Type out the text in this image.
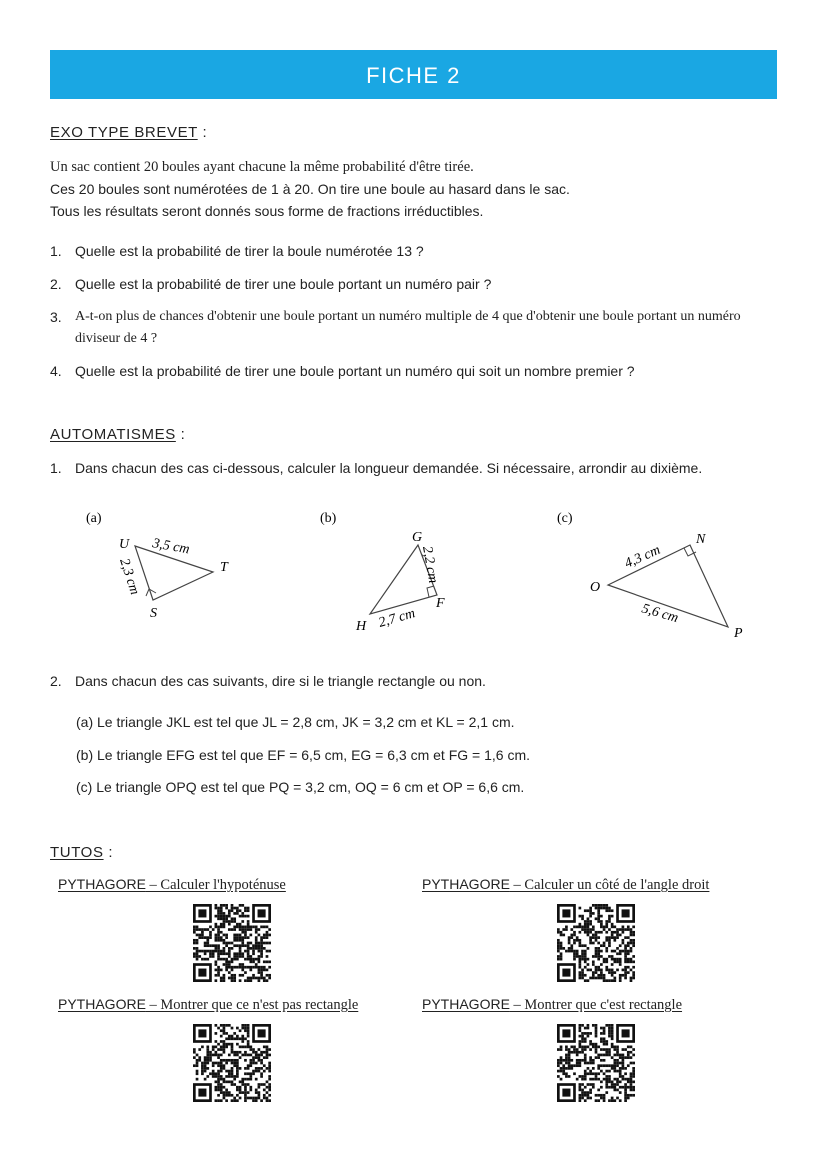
FICHE 2
EXO TYPE BREVET :
Un sac contient 20 boules ayant chacune la même probabilité d'être tirée.
Ces 20 boules sont numérotées de 1 à 20. On tire une boule au hasard dans le sac.
Tous les résultats seront donnés sous forme de fractions irréductibles.
1. Quelle est la probabilité de tirer la boule numérotée 13 ?
2. Quelle est la probabilité de tirer une boule portant un numéro pair ?
3. A-t-on plus de chances d'obtenir une boule portant un numéro multiple de 4 que d'obtenir une boule portant un numéro diviseur de 4 ?
4. Quelle est la probabilité de tirer une boule portant un numéro qui soit un nombre premier ?
AUTOMATISMES :
1. Dans chacun des cas ci-dessous, calculer la longueur demandée. Si nécessaire, arrondir au dixième.
(a)
U
T
S
3,5 cm
2,3 cm
(b)
G
H
F
2,2 cm
2,7 cm
(c)
O
N
P
4,3 cm
5,6 cm
2. Dans chacun des cas suivants, dire si le triangle rectangle ou non.
(a) Le triangle JKL est tel que JL = 2,8 cm, JK = 3,2 cm et KL = 2,1 cm.
(b) Le triangle EFG est tel que EF = 6,5 cm, EG = 6,3 cm et FG = 1,6 cm.
(c) Le triangle OPQ est tel que PQ = 3,2 cm, OQ = 6 cm et OP = 6,6 cm.
TUTOS :
PYTHAGORE – Calculer l'hypoténuse	PYTHAGORE – Calculer un côté de l'angle droit
PYTHAGORE – Montrer que ce n'est pas rectangle	PYTHAGORE – Montrer que c'est rectangle
